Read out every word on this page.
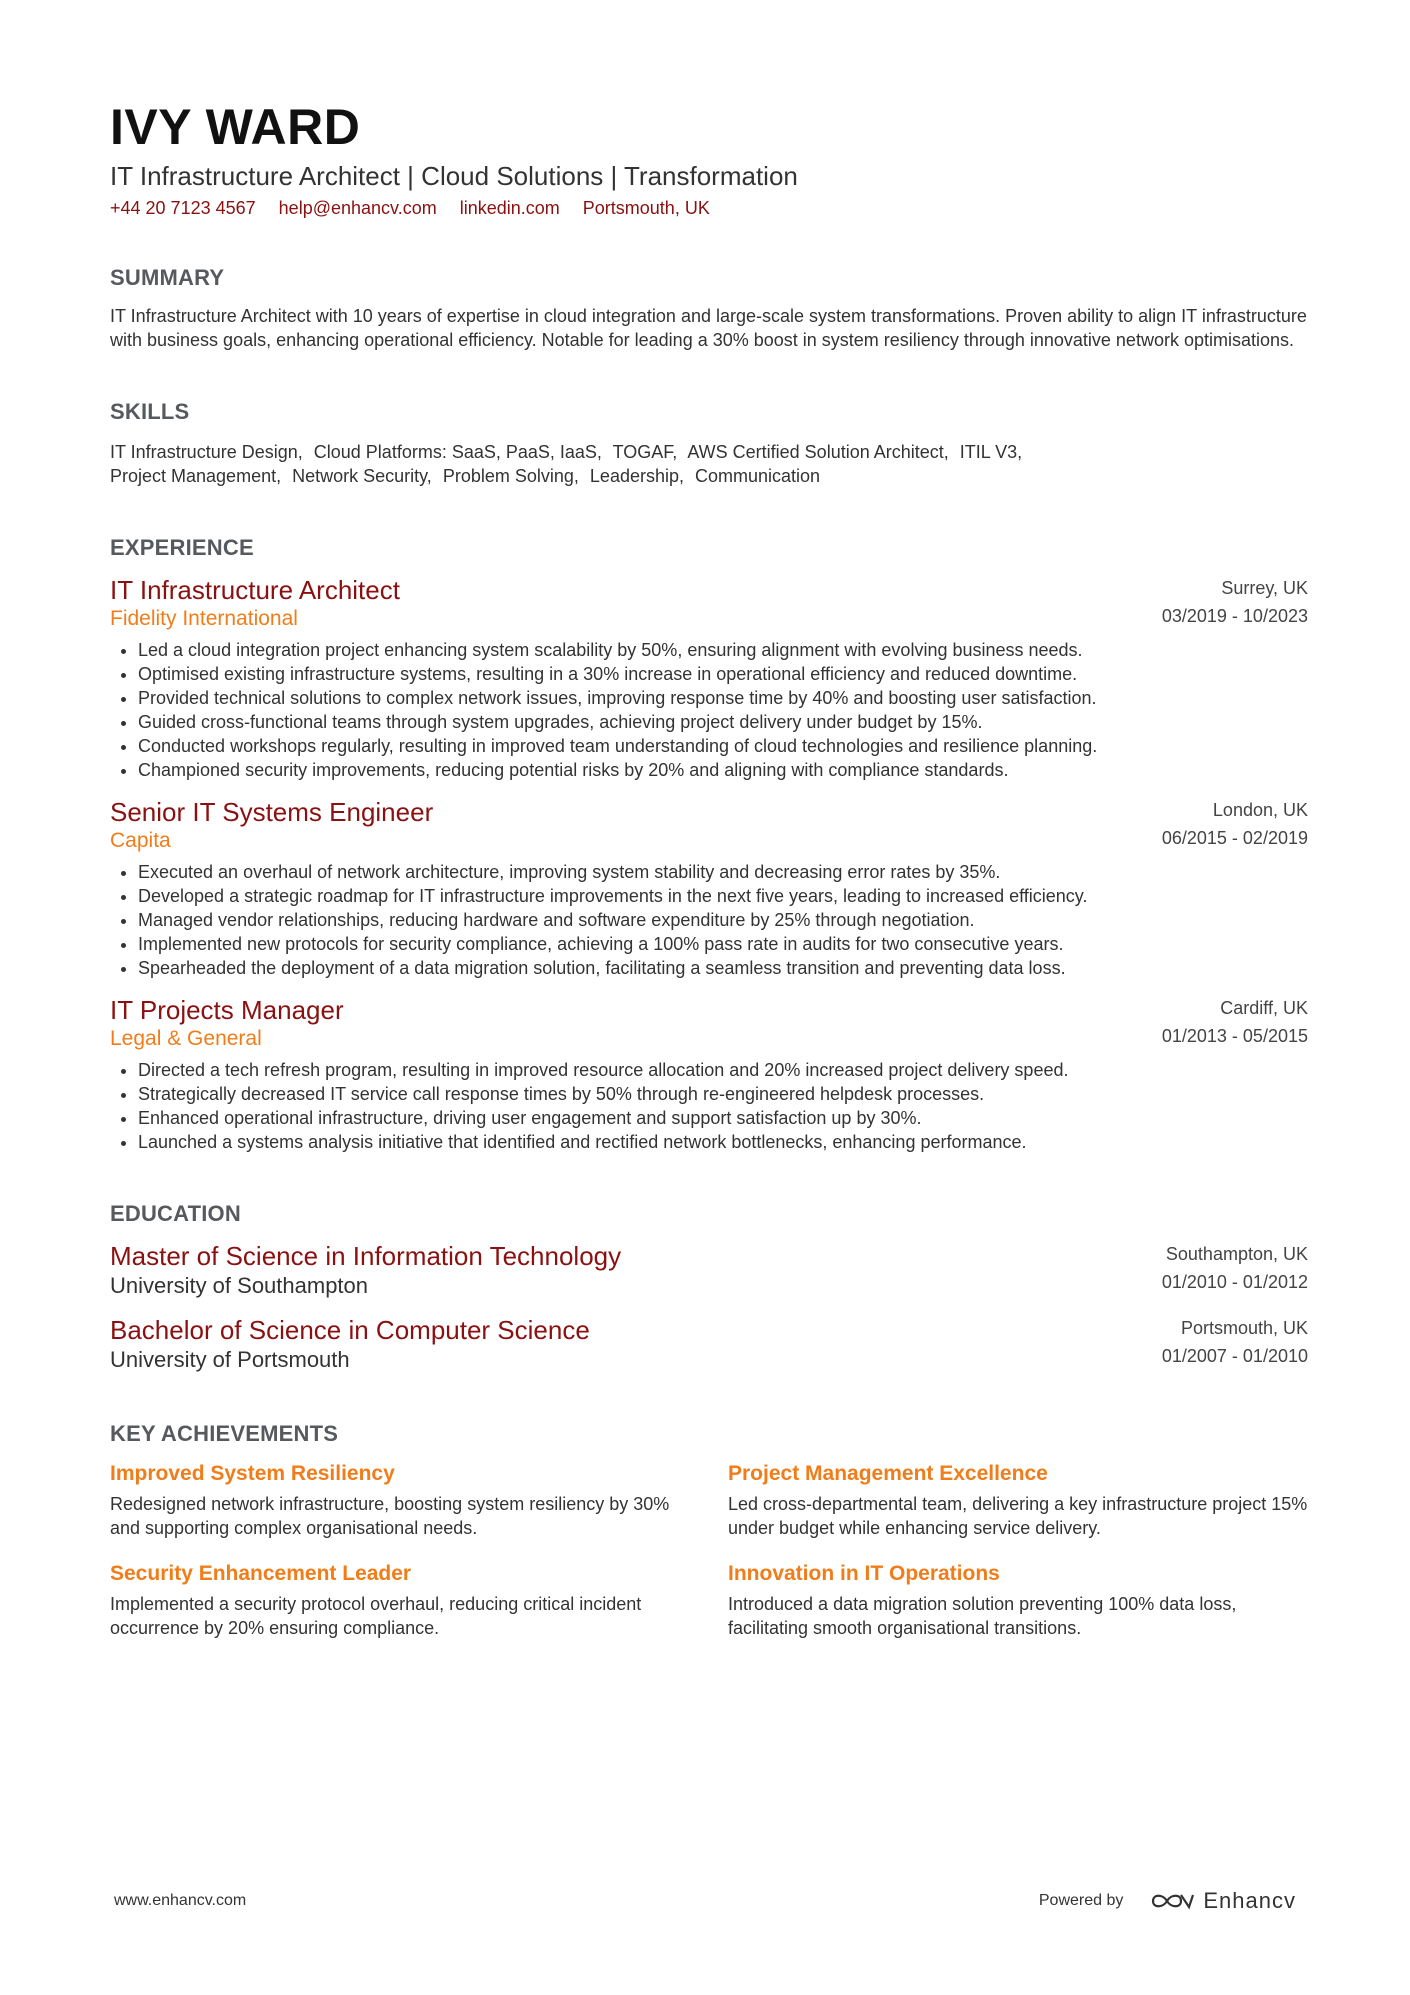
IVY WARD
IT Infrastructure Architect | Cloud Solutions | Transformation
+44 20 7123 4567 help@enhancv.com linkedin.com Portsmouth, UK
SUMMARY
IT Infrastructure Architect with 10 years of expertise in cloud integration and large-scale system transformations. Proven ability to align IT infrastructure with business goals, enhancing operational efficiency. Notable for leading a 30% boost in system resiliency through innovative network optimisations.
SKILLS
IT Infrastructure Design, Cloud Platforms: SaaS, PaaS, IaaS, TOGAF, AWS Certified Solution Architect, ITIL V3,
Project Management, Network Security, Problem Solving, Leadership, Communication
EXPERIENCE
Surrey, UK
03/2019 - 10/2023
IT Infrastructure Architect
Fidelity International
• Led a cloud integration project enhancing system scalability by 50%, ensuring alignment with evolving business needs.
• Optimised existing infrastructure systems, resulting in a 30% increase in operational efficiency and reduced downtime.
• Provided technical solutions to complex network issues, improving response time by 40% and boosting user satisfaction.
• Guided cross-functional teams through system upgrades, achieving project delivery under budget by 15%.
• Conducted workshops regularly, resulting in improved team understanding of cloud technologies and resilience planning.
• Championed security improvements, reducing potential risks by 20% and aligning with compliance standards.
London, UK
06/2015 - 02/2019
Senior IT Systems Engineer
Capita
• Executed an overhaul of network architecture, improving system stability and decreasing error rates by 35%.
• Developed a strategic roadmap for IT infrastructure improvements in the next five years, leading to increased efficiency.
• Managed vendor relationships, reducing hardware and software expenditure by 25% through negotiation.
• Implemented new protocols for security compliance, achieving a 100% pass rate in audits for two consecutive years.
• Spearheaded the deployment of a data migration solution, facilitating a seamless transition and preventing data loss.
Cardiff, UK
01/2013 - 05/2015
IT Projects Manager
Legal & General
• Directed a tech refresh program, resulting in improved resource allocation and 20% increased project delivery speed.
• Strategically decreased IT service call response times by 50% through re-engineered helpdesk processes.
• Enhanced operational infrastructure, driving user engagement and support satisfaction up by 30%.
• Launched a systems analysis initiative that identified and rectified network bottlenecks, enhancing performance.
EDUCATION
Southampton, UK
01/2010 - 01/2012
Master of Science in Information Technology
University of Southampton
Portsmouth, UK
01/2007 - 01/2010
Bachelor of Science in Computer Science
University of Portsmouth
KEY ACHIEVEMENTS
Improved System Resiliency
Redesigned network infrastructure, boosting system resiliency by 30% and supporting complex organisational needs.
Project Management Excellence
Led cross-departmental team, delivering a key infrastructure project 15% under budget while enhancing service delivery.
Security Enhancement Leader
Implemented a security protocol overhaul, reducing critical incident occurrence by 20% ensuring compliance.
Innovation in IT Operations
Introduced a data migration solution preventing 100% data loss, facilitating smooth organisational transitions.
www.enhancv.com	Powered by	Enhancv
